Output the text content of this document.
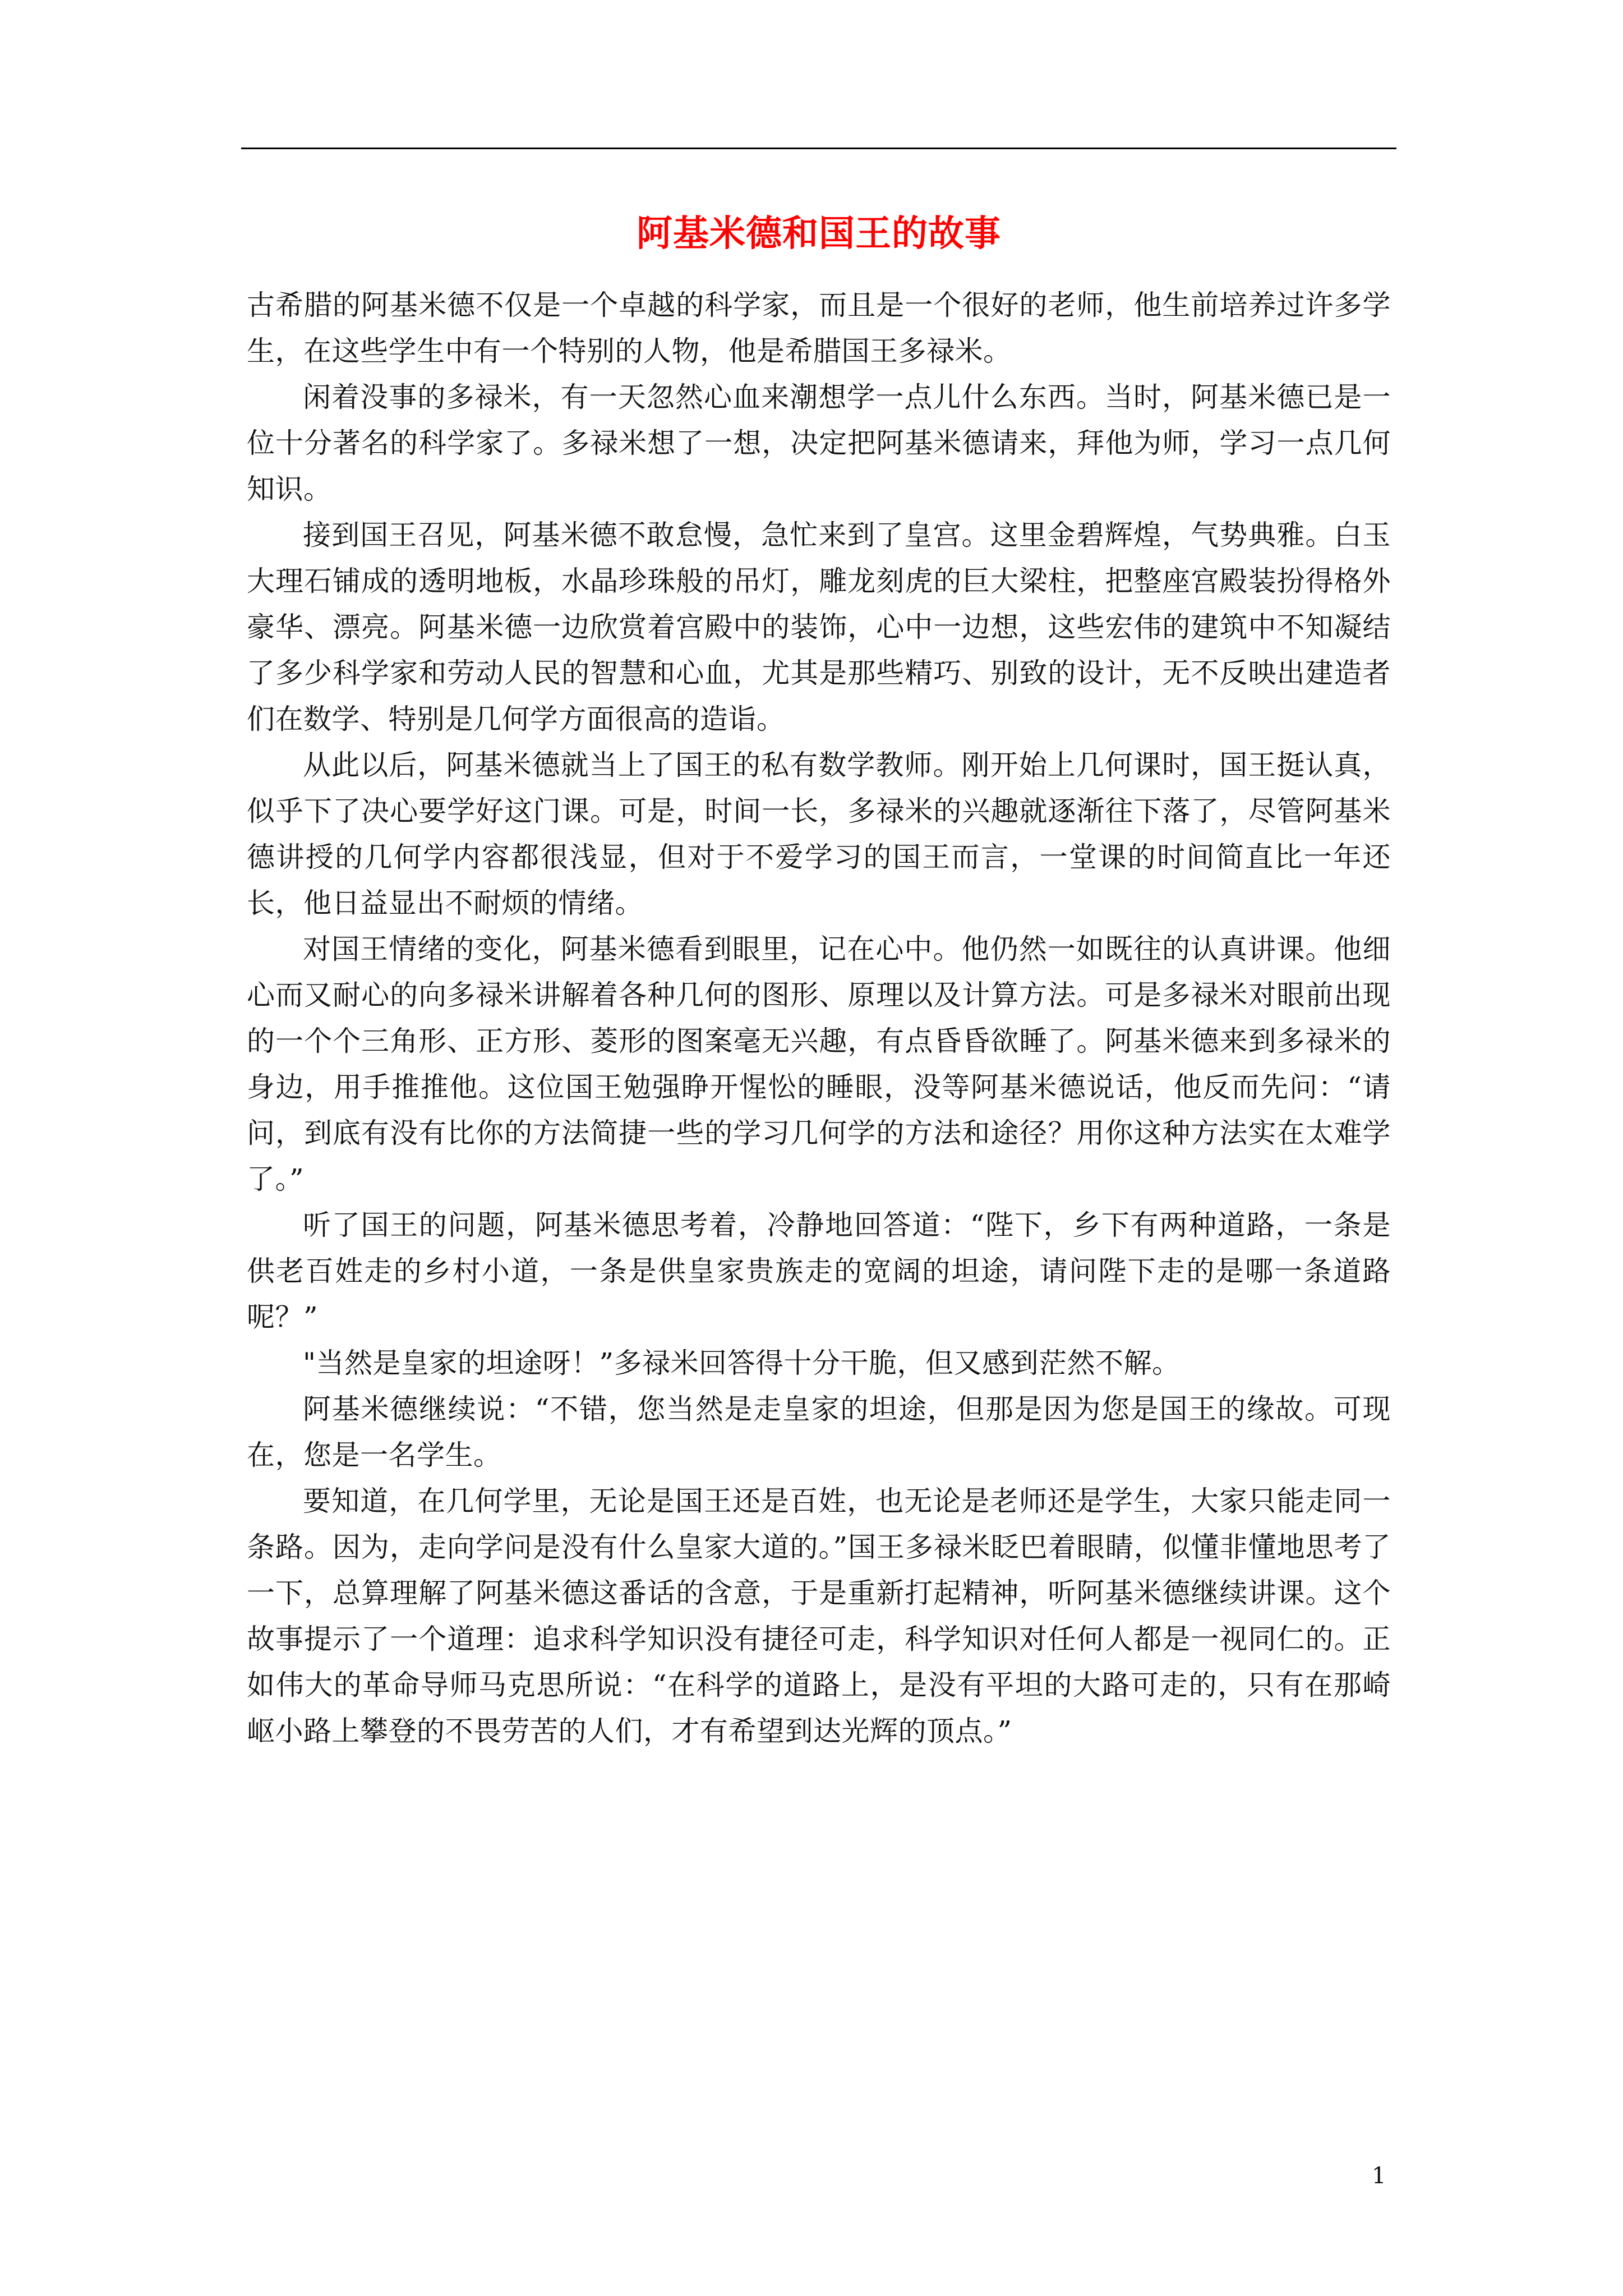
阿基米德和国王的故事

古希腊的阿基米德不仅是一个卓越的科学家，而且是一个很好的老师，他生前培养过许多学生，在这些学生中有一个特别的人物，他是希腊国王多禄米。

闲着没事的多禄米，有一天忽然心血来潮想学一点儿什么东西。当时，阿基米德已是一位十分著名的科学家了。多禄米想了一想，决定把阿基米德请来，拜他为师，学习一点几何知识。

接到国王召见，阿基米德不敢怠慢，急忙来到了皇宫。这里金碧辉煌，气势典雅。白玉大理石铺成的透明地板，水晶珍珠般的吊灯，雕龙刻虎的巨大梁柱，把整座宫殿装扮得格外豪华、漂亮。阿基米德一边欣赏着宫殿中的装饰，心中一边想，这些宏伟的建筑中不知凝结了多少科学家和劳动人民的智慧和心血，尤其是那些精巧、别致的设计，无不反映出建造者们在数学、特别是几何学方面很高的造诣。

从此以后，阿基米德就当上了国王的私有数学教师。刚开始上几何课时，国王挺认真，似乎下了决心要学好这门课。可是，时间一长，多禄米的兴趣就逐渐往下落了，尽管阿基米德讲授的几何学内容都很浅显，但对于不爱学习的国王而言，一堂课的时间简直比一年还长，他日益显出不耐烦的情绪。

对国王情绪的变化，阿基米德看到眼里，记在心中。他仍然一如既往的认真讲课。他细心而又耐心的向多禄米讲解着各种几何的图形、原理以及计算方法。可是多禄米对眼前出现的一个个三角形、正方形、菱形的图案毫无兴趣，有点昏昏欲睡了。阿基米德来到多禄米的身边，用手推推他。这位国王勉强睁开惺忪的睡眼，没等阿基米德说话，他反而先问：“请问，到底有没有比你的方法简捷一些的学习几何学的方法和途径？用你这种方法实在太难学了。”

听了国王的问题，阿基米德思考着，冷静地回答道：“陛下，乡下有两种道路，一条是供老百姓走的乡村小道，一条是供皇家贵族走的宽阔的坦途，请问陛下走的是哪一条道路呢？”

"当然是皇家的坦途呀！”多禄米回答得十分干脆，但又感到茫然不解。

阿基米德继续说：“不错，您当然是走皇家的坦途，但那是因为您是国王的缘故。可现在，您是一名学生。

要知道，在几何学里，无论是国王还是百姓，也无论是老师还是学生，大家只能走同一条路。因为，走向学问是没有什么皇家大道的。”国王多禄米眨巴着眼睛，似懂非懂地思考了一下，总算理解了阿基米德这番话的含意，于是重新打起精神，听阿基米德继续讲课。这个故事提示了一个道理：追求科学知识没有捷径可走，科学知识对任何人都是一视同仁的。正如伟大的革命导师马克思所说：“在科学的道路上，是没有平坦的大路可走的，只有在那崎岖小路上攀登的不畏劳苦的人们，才有希望到达光辉的顶点。”

1
